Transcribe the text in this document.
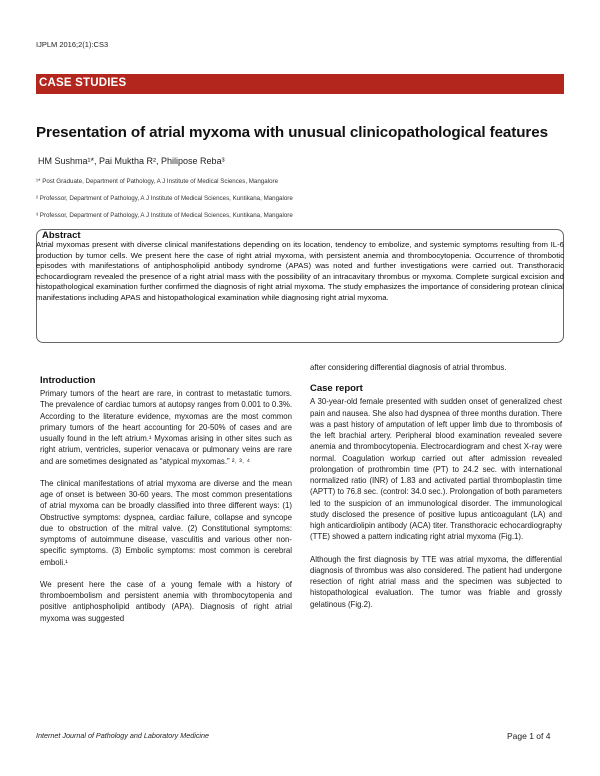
IJPLM 2016;2(1):CS3
CASE STUDIES
Presentation of atrial myxoma with unusual clinicopathological features
HM Sushma¹*, Pai Muktha R², Philipose Reba³
¹* Post Graduate, Department of Pathology, A J Institute of Medical Sciences, Mangalore
² Professor, Department of Pathology, A J Institute of Medical Sciences, Kuntikana, Mangalore
³ Professor, Department of Pathology, A J Institute of Medical Sciences, Kuntikana, Mangalore
Abstract
Atrial myxomas present with diverse clinical manifestations depending on its location, tendency to embolize, and systemic symptoms resulting from IL-6 production by tumor cells. We present here the case of right atrial myxoma, with persistent anemia and thrombocytopenia. Occurrence of thrombotic episodes with manifestations of antiphospholipid antibody syndrome (APAS) was noted and further investigations were carried out. Transthoracic echocardiogram revealed the presence of a right atrial mass with the possibility of an intracavitary thrombus or myxoma. Complete surgical excision and histopathological examination further confirmed the diagnosis of right atrial myxoma. The study emphasizes the importance of considering protean clinical manifestations including APAS and histopathological examination while diagnosing right atrial myxoma.
Introduction

Primary tumors of the heart are rare, in contrast to metastatic tumors. The prevalence of cardiac tumors at autopsy ranges from 0.001 to 0.3%. According to the literature evidence, myxomas are the most common primary tumors of the heart accounting for 20-50% of cases and are usually found in the left atrium.¹ Myxomas arising in other sites such as right atrium, ventricles, superior venacava or pulmonary veins are rare and are sometimes designated as “atypical myxomas.” ²˒ ³˒ ⁴

The clinical manifestations of atrial myxoma are diverse and the mean age of onset is between 30-60 years. The most common presentations of atrial myxoma can be broadly classified into three different ways: (1) Obstructive symptoms: dyspnea, cardiac failure, collapse and syncope due to obstruction of the mitral valve. (2) Constitutional symptoms: symptoms of autoimmune disease, vasculitis and various other non-specific symptoms. (3) Embolic symptoms: most common is cerebral emboli.¹

We present here the case of a young female with a history of thromboembolism and persistent anemia with thrombocytopenia and positive antiphospholipid antibody (APA). Diagnosis of right atrial myxoma was suggested

after considering differential diagnosis of atrial thrombus.

Case report

A 30-year-old female presented with sudden onset of generalized chest pain and nausea. She also had dyspnea of three months duration. There was a past history of amputation of left upper limb due to thrombosis of the left brachial artery. Peripheral blood examination revealed severe anemia and thrombocytopenia. Electrocardiogram and chest X-ray were normal. Coagulation workup carried out after admission revealed prolongation of prothrombin time (PT) to 24.2 sec. with international normalized ratio (INR) of 1.83 and activated partial thromboplastin time (APTT) to 76.8 sec. (control: 34.0 sec.). Prolongation of both parameters led to the suspicion of an immunological disorder. The immunological study disclosed the presence of positive lupus anticoagulant (LA) and high anticardiolipin antibody (ACA) titer. Transthoracic echocardiography (TTE) showed a pattern indicating right atrial myxoma (Fig.1).

Although the first diagnosis by TTE was atrial myxoma, the differential diagnosis of thrombus was also considered. The patient had undergone resection of right atrial mass and the specimen was subjected to histopathological evaluation. The tumor was friable and grossly gelatinous (Fig.2).

Internet Journal of Pathology and Laboratory Medicine	Page 1 of 4
